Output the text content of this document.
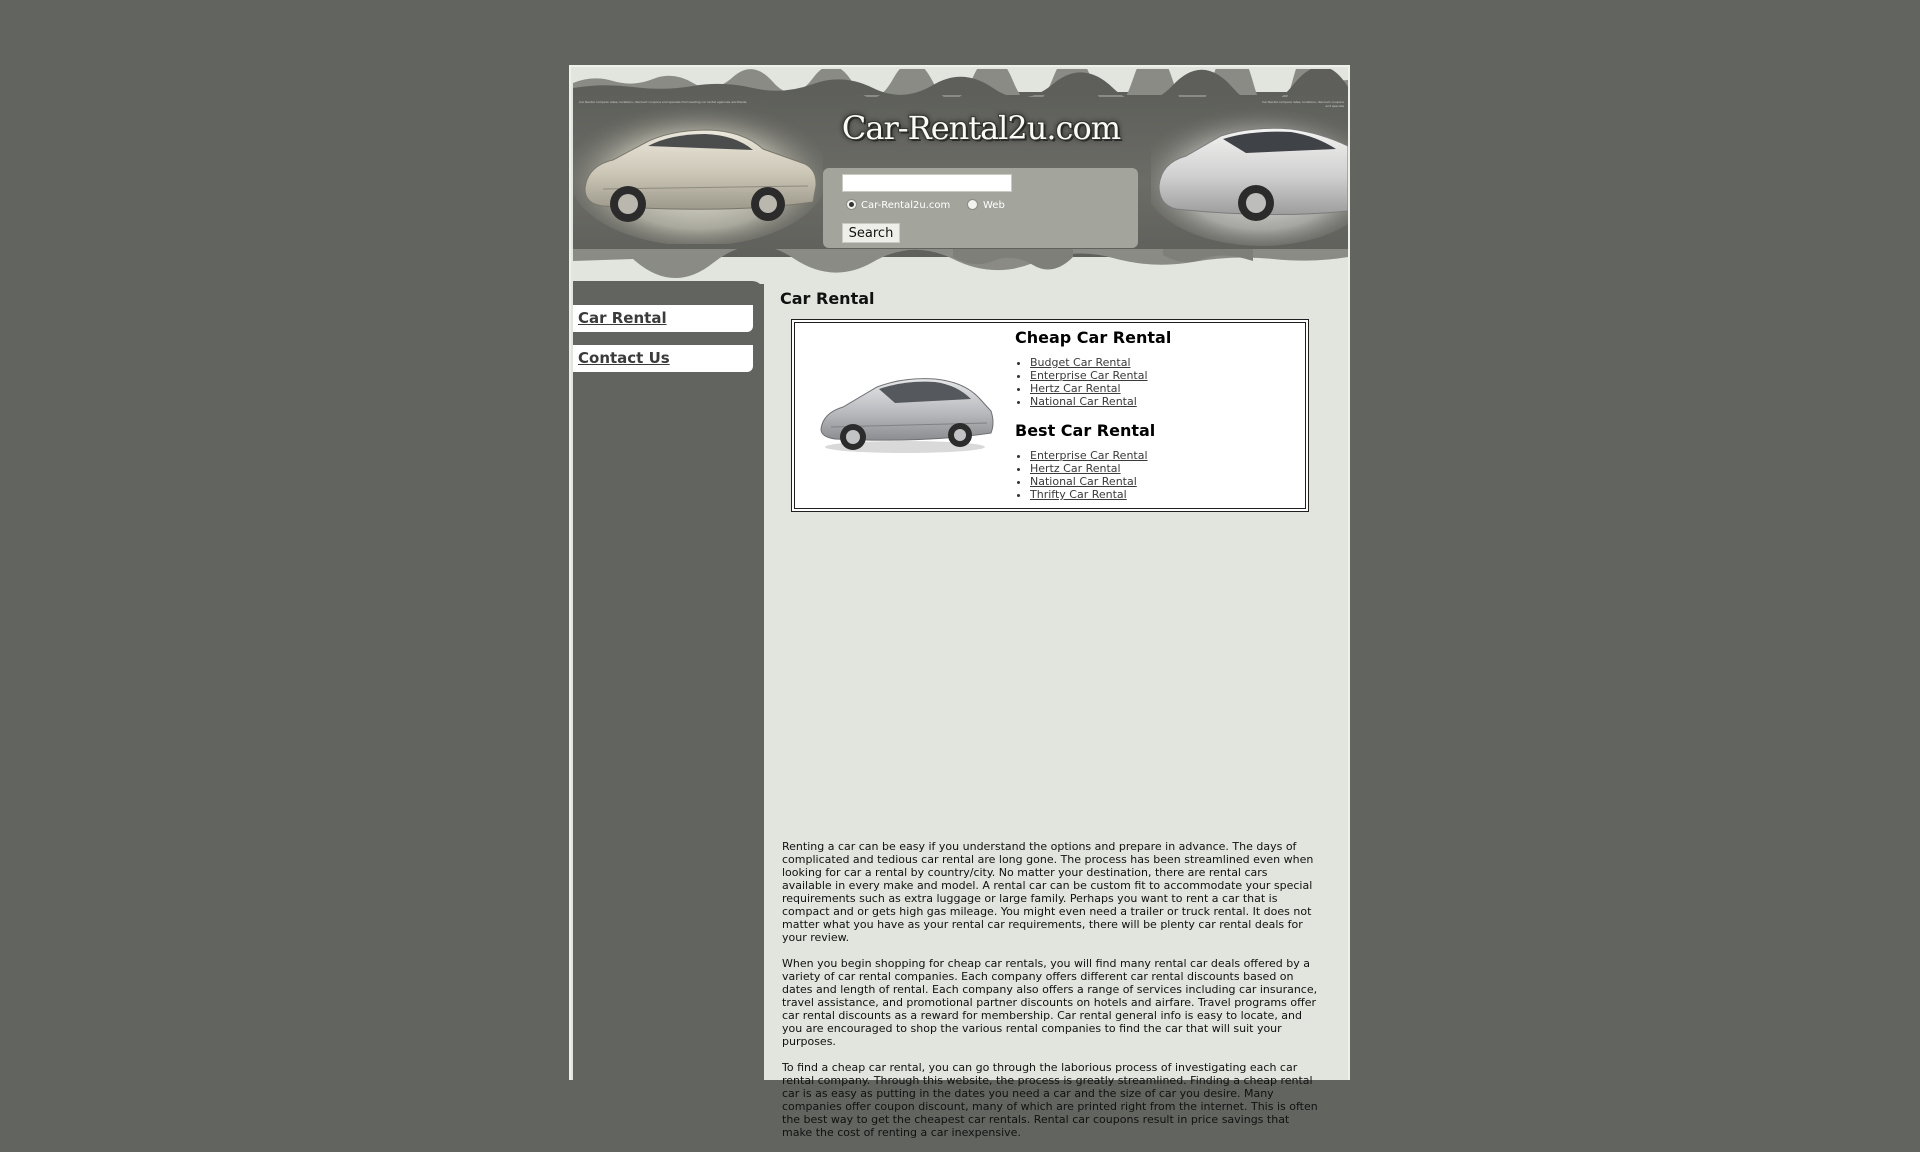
Car Rental compare rates, locations, discount coupons and specials from leading car rental agencies worldwide	Car Rental compare rates, locations, discount coupons and specials
Car-Rental2u.com
Car-Rental2u.com	Web
Search
Car Rental
Contact Us
Car Rental
Cheap Car Rental
• Budget Car Rental
• Enterprise Car Rental
• Hertz Car Rental
• National Car Rental
Best Car Rental
• Enterprise Car Rental
• Hertz Car Rental
• National Car Rental
• Thrifty Car Rental

Renting a car can be easy if you understand the options and prepare in advance. The days of complicated and tedious car rental are long gone. The process has been streamlined even when looking for car a rental by country/city. No matter your destination, there are rental cars available in every make and model. A rental car can be custom fit to accommodate your special requirements such as extra luggage or large family. Perhaps you want to rent a car that is compact and or gets high gas mileage. You might even need a trailer or truck rental. It does not matter what you have as your rental car requirements, there will be plenty car rental deals for your review.

When you begin shopping for cheap car rentals, you will find many rental car deals offered by a variety of car rental companies. Each company offers different car rental discounts based on dates and length of rental. Each company also offers a range of services including car insurance, travel assistance, and promotional partner discounts on hotels and airfare. Travel programs offer car rental discounts as a reward for membership. Car rental general info is easy to locate, and you are encouraged to shop the various rental companies to find the car that will suit your purposes.

To find a cheap car rental, you can go through the laborious process of investigating each car rental company. Through this website, the process is greatly streamlined. Finding a cheap rental car is as easy as putting in the dates you need a car and the size of car you desire. Many companies offer coupon discount, many of which are printed right from the internet. This is often the best way to get the cheapest car rentals. Rental car coupons result in price savings that make the cost of renting a car inexpensive.
